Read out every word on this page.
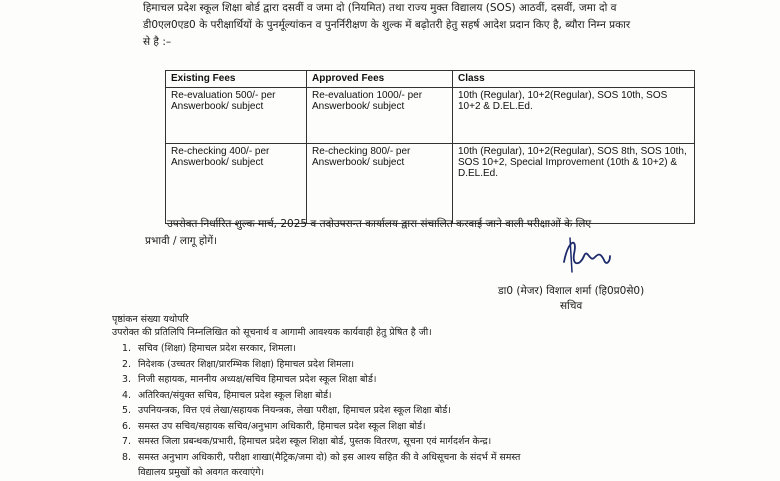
हिमाचल प्रदेश स्कूल शिक्षा बोर्ड द्वारा दसवीं व जमा दो (नियमित) तथा राज्य मुक्त विद्यालय (SOS) आठवीं, दसवीं, जमा दो व
डी0एल0एड0 के परीक्षार्थियों के पुनर्मूल्यांकन व पुनर्निरीक्षण के शुल्क में बढ़ोतरी हेतु सहर्ष आदेश प्रदान किए है, ब्यौरा निम्न प्रकार
से है :–
Existing Fees	Approved Fees	Class
Re-evaluation 500/- per Answerbook/ subject	Re-evaluation 1000/- per Answerbook/ subject	10th (Regular), 10+2(Regular), SOS 10th, SOS 10+2 & D.EL.Ed.
Re-checking 400/- per Answerbook/ subject	Re-checking 800/- per Answerbook/ subject	10th (Regular), 10+2(Regular), SOS 8th, SOS 10th, SOS 10+2, Special Improvement (10th & 10+2) & D.EL.Ed.
उपरोक्त निर्धारित शुल्क मार्च, 2025 व तदोउपरान्त कार्यालय द्वारा संचालित करवाई जाने वाली परीक्षाओं के लिए
प्रभावी / लागू होगें।
डा0 (मेजर) विशाल शर्मा (हि0प्र0से0)
सचिव
पृष्ठांकन संख्या यथोपरि
उपरोक्त की प्रतिलिपि निम्नलिखित को सूचनार्थ व आगामी आवश्यक कार्यवाही हेतु प्रेषित है जी।
1. सचिव (शिक्षा) हिमाचल प्रदेश सरकार, शिमला।
2. निदेशक (उच्चतर शिक्षा/प्रारम्भिक शिक्षा) हिमाचल प्रदेश शिमला।
3. निजी सहायक, माननीय अध्यक्ष/सचिव हिमाचल प्रदेश स्कूल शिक्षा बोर्ड।
4. अतिरिक्त/संयुक्त सचिव, हिमाचल प्रदेश स्कूल शिक्षा बोर्ड।
5. उपनियन्त्रक, वित्त एवं लेखा/सहायक नियन्त्रक, लेखा परीक्षा, हिमाचल प्रदेश स्कूल शिक्षा बोर्ड।
6. समस्त उप सचिव/सहायक सचिव/अनुभाग अधिकारी, हिमाचल प्रदेश स्कूल शिक्षा बोर्ड।
7. समस्त जिला प्रबन्धक/प्रभारी, हिमाचल प्रदेश स्कूल शिक्षा बोर्ड, पुस्तक वितरण, सूचना एवं मार्गदर्शन केन्द्र।
8. समस्त अनुभाग अधिकारी, परीक्षा शाखा(मैट्रिक/जमा दो) को इस आश्य सहित की वे अधिसूचना के संदर्भ में समस्त
विद्यालय प्रमुखों को अवगत करवाएंगे।
